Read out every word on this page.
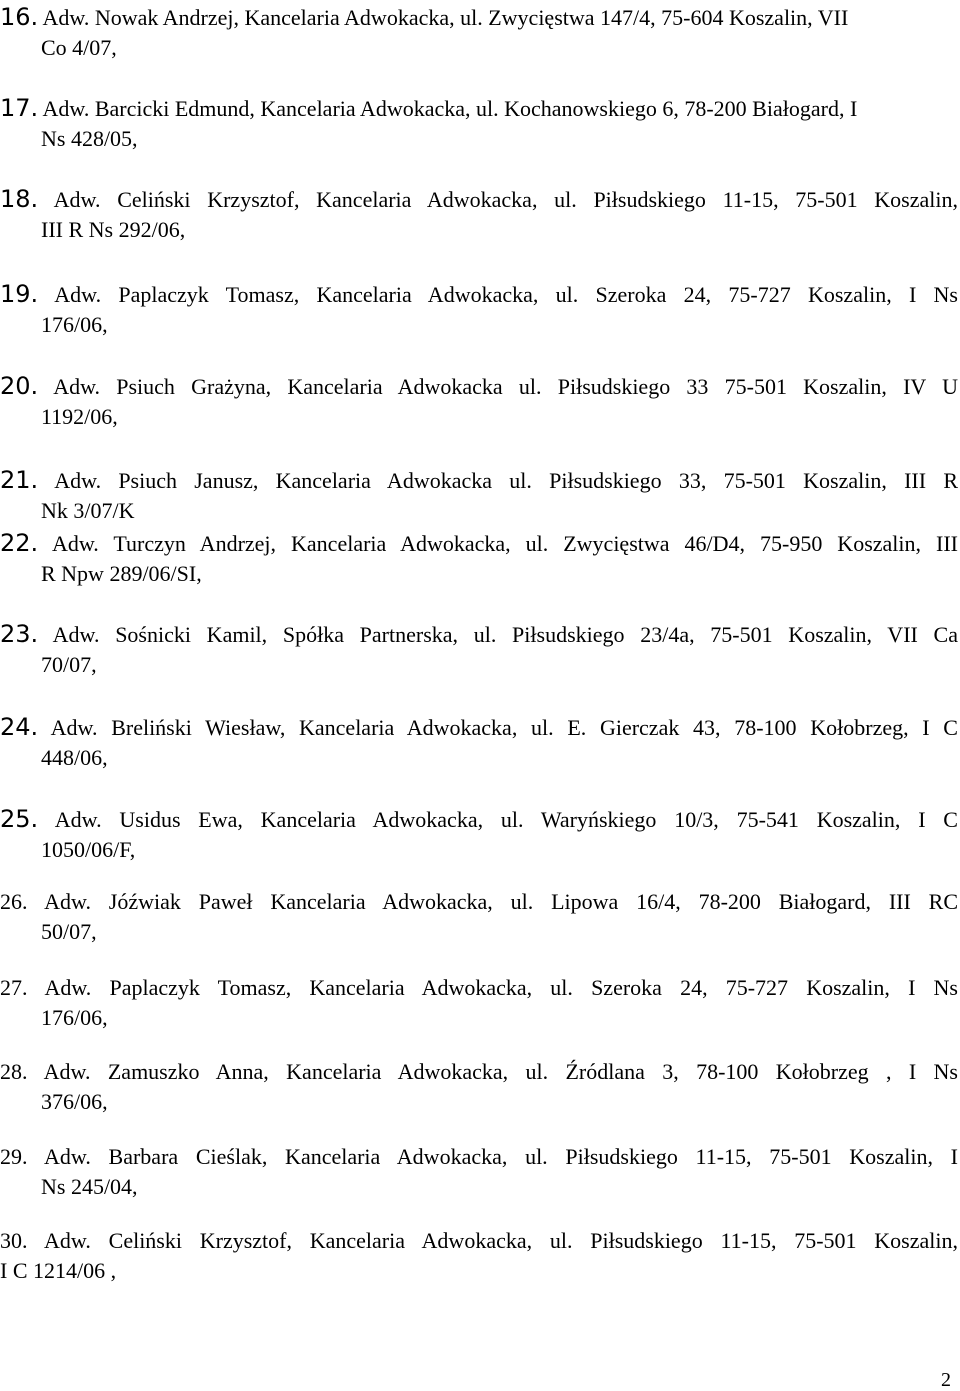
16. Adw. Nowak Andrzej, Kancelaria Adwokacka, ul. Zwycięstwa 147/4, 75-604 Koszalin, VII
Co 4/07,
17. Adw. Barcicki Edmund, Kancelaria Adwokacka, ul. Kochanowskiego 6, 78-200 Białogard, I
Ns 428/05,
18. Adw. Celiński Krzysztof, Kancelaria Adwokacka, ul. Piłsudskiego 11-15, 75-501 Koszalin,
III R Ns 292/06,
19. Adw. Paplaczyk Tomasz, Kancelaria Adwokacka, ul. Szeroka 24, 75-727 Koszalin, I Ns
176/06,
20. Adw. Psiuch Grażyna, Kancelaria Adwokacka ul. Piłsudskiego 33 75-501 Koszalin, IV U
1192/06,
21. Adw. Psiuch Janusz, Kancelaria Adwokacka ul. Piłsudskiego 33, 75-501 Koszalin, III R
Nk 3/07/K
22. Adw. Turczyn Andrzej, Kancelaria Adwokacka, ul. Zwycięstwa 46/D4, 75-950 Koszalin, III
R Npw 289/06/SI,
23. Adw. Sośnicki Kamil, Spółka Partnerska, ul. Piłsudskiego 23/4a, 75-501 Koszalin, VII Ca
70/07,
24. Adw. Breliński Wiesław, Kancelaria Adwokacka, ul. E. Gierczak 43, 78-100 Kołobrzeg, I C
448/06,
25. Adw. Usidus Ewa, Kancelaria Adwokacka, ul. Waryńskiego 10/3, 75-541 Koszalin, I C
1050/06/F,
26. Adw. Jóźwiak Paweł Kancelaria Adwokacka, ul. Lipowa 16/4, 78-200 Białogard, III RC
50/07,
27. Adw. Paplaczyk Tomasz, Kancelaria Adwokacka, ul. Szeroka 24, 75-727 Koszalin, I Ns
176/06,
28. Adw. Zamuszko Anna, Kancelaria Adwokacka, ul. Źródlana 3, 78-100 Kołobrzeg , I Ns
376/06,
29. Adw. Barbara Cieślak, Kancelaria Adwokacka, ul. Piłsudskiego 11-15, 75-501 Koszalin, I
Ns 245/04,
30. Adw. Celiński Krzysztof, Kancelaria Adwokacka, ul. Piłsudskiego 11-15, 75-501 Koszalin,
I C 1214/06 ,
2
